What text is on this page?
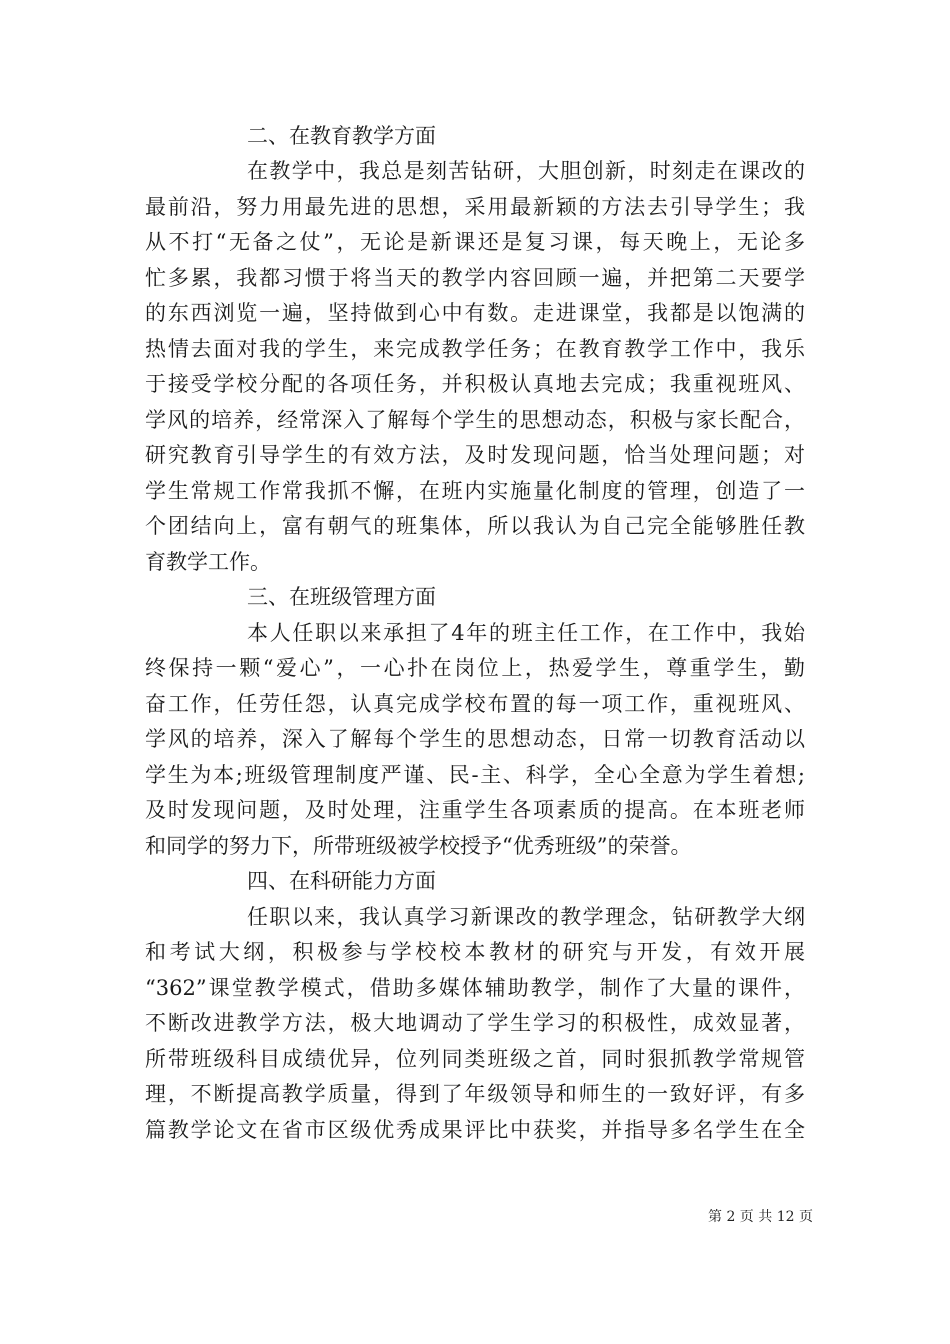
二、在教育教学方面
在教学中，我总是刻苦钻研，大胆创新，时刻走在课改的
最前沿，努力用最先进的思想，采用最新颖的方法去引导学生；我
从不打“无备之仗”，无论是新课还是复习课，每天晚上，无论多
忙多累，我都习惯于将当天的教学内容回顾一遍，并把第二天要学
的东西浏览一遍，坚持做到心中有数。走进课堂，我都是以饱满的
热情去面对我的学生，来完成教学任务；在教育教学工作中，我乐
于接受学校分配的各项任务，并积极认真地去完成；我重视班风、
学风的培养，经常深入了解每个学生的思想动态，积极与家长配合，
研究教育引导学生的有效方法，及时发现问题，恰当处理问题；对
学生常规工作常我抓不懈，在班内实施量化制度的管理，创造了一
个团结向上，富有朝气的班集体，所以我认为自己完全能够胜任教
育教学工作。
三、在班级管理方面
本人任职以来承担了4年的班主任工作，在工作中，我始
终保持一颗“爱心”，一心扑在岗位上，热爱学生，尊重学生，勤
奋工作，任劳任怨，认真完成学校布置的每一项工作，重视班风、
学风的培养，深入了解每个学生的思想动态，日常一切教育活动以
学生为本;班级管理制度严谨、民-主、科学，全心全意为学生着想;
及时发现问题，及时处理，注重学生各项素质的提高。在本班老师
和同学的努力下，所带班级被学校授予“优秀班级”的荣誉。
四、在科研能力方面
任职以来，我认真学习新课改的教学理念，钻研教学大纲
和考试大纲，积极参与学校校本教材的研究与开发，有效开展
“362”课堂教学模式，借助多媒体辅助教学，制作了大量的课件，
不断改进教学方法，极大地调动了学生学习的积极性，成效显著，
所带班级科目成绩优异，位列同类班级之首，同时狠抓教学常规管
理，不断提高教学质量，得到了年级领导和师生的一致好评，有多
篇教学论文在省市区级优秀成果评比中获奖，并指导多名学生在全
第 2 页 共 12 页
